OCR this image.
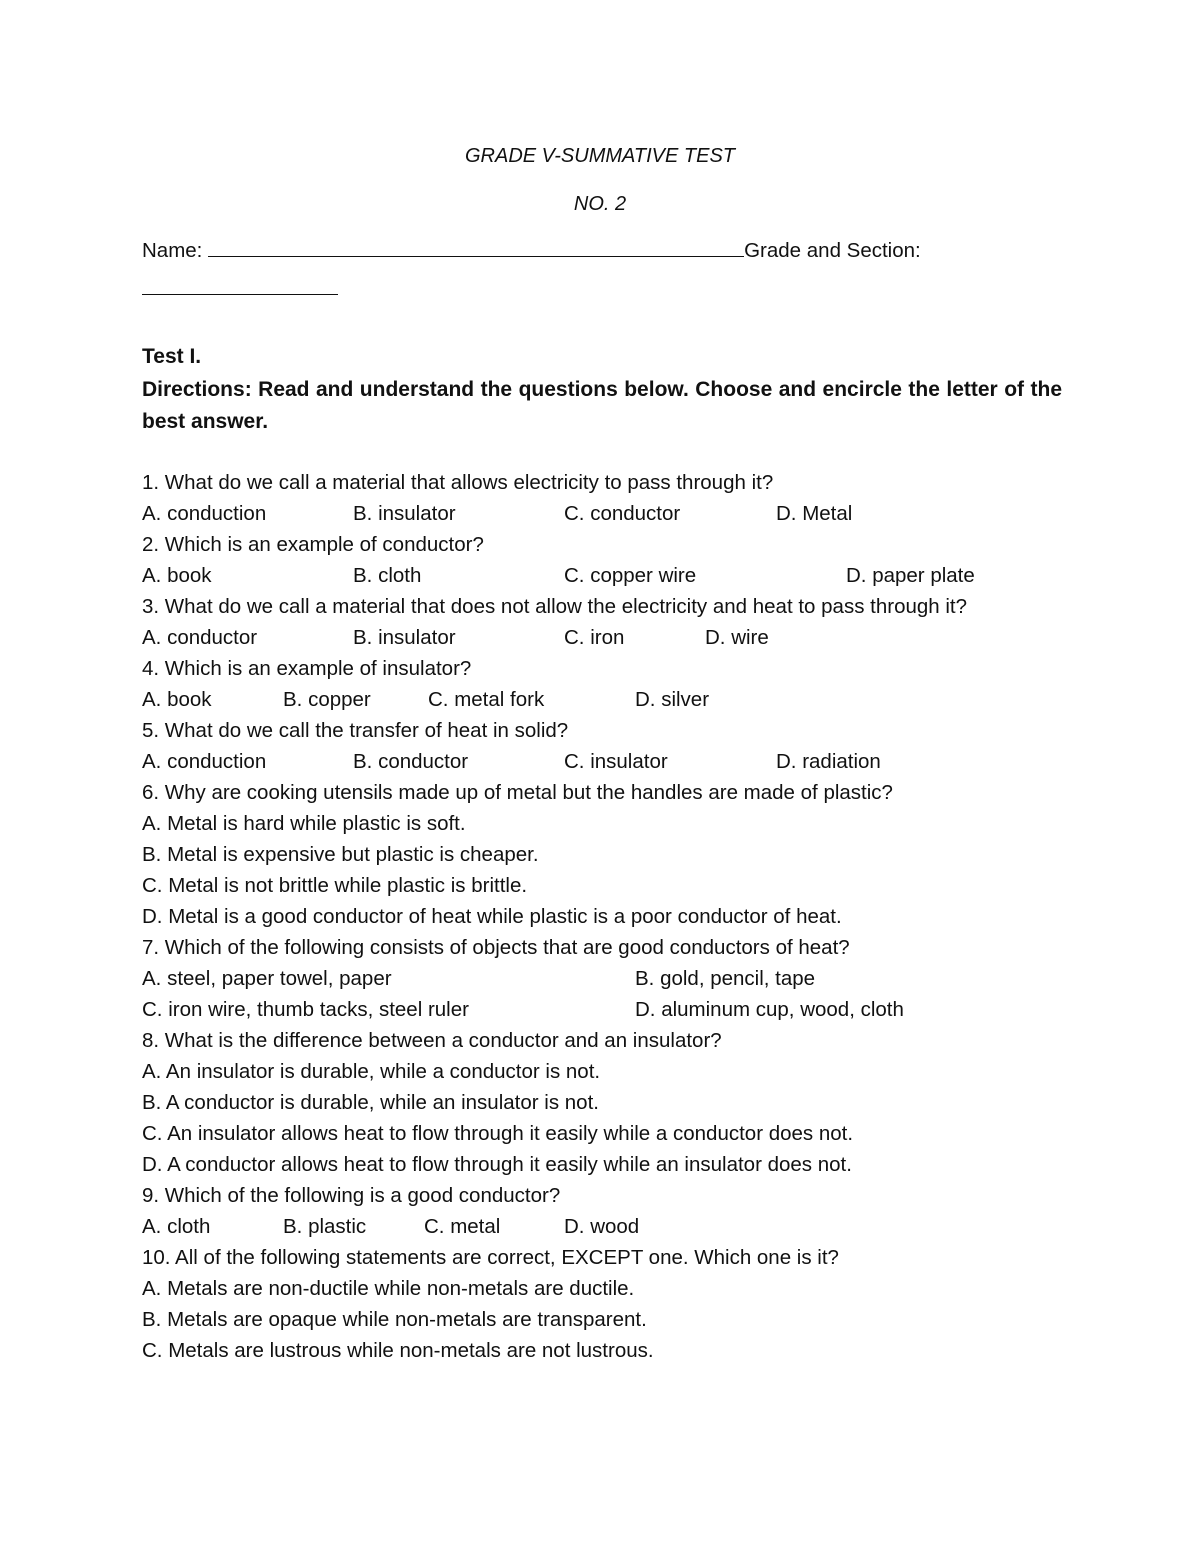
GRADE V-SUMMATIVE TEST
NO. 2
Name:	Grade and Section:
Test I.
Directions: Read and understand the questions below. Choose and encircle the letter of the best answer.
1. What do we call a material that allows electricity to pass through it?
A. conduction	B. insulator	C. conductor	D. Metal
2. Which is an example of conductor?
A. book	B. cloth	C. copper wire	D. paper plate
3. What do we call a material that does not allow the electricity and heat to pass through it?
A. conductor	B. insulator	C. iron	D. wire
4. Which is an example of insulator?
A. book	B. copper	C. metal fork	D. silver
5. What do we call the transfer of heat in solid?
A. conduction	B. conductor	C. insulator	D. radiation
6. Why are cooking utensils made up of metal but the handles are made of plastic?
A. Metal is hard while plastic is soft.
B. Metal is expensive but plastic is cheaper.
C. Metal is not brittle while plastic is brittle.
D. Metal is a good conductor of heat while plastic is a poor conductor of heat.
7. Which of the following consists of objects that are good conductors of heat?
A. steel, paper towel, paper	B. gold, pencil, tape
C. iron wire, thumb tacks, steel ruler	D. aluminum cup, wood, cloth
8. What is the difference between a conductor and an insulator?
A. An insulator is durable, while a conductor is not.
B. A conductor is durable, while an insulator is not.
C. An insulator allows heat to flow through it easily while a conductor does not.
D. A conductor allows heat to flow through it easily while an insulator does not.
9. Which of the following is a good conductor?
A. cloth	B. plastic	C. metal	D. wood
10. All of the following statements are correct, EXCEPT one. Which one is it?
A. Metals are non-ductile while non-metals are ductile.
B. Metals are opaque while non-metals are transparent.
C. Metals are lustrous while non-metals are not lustrous.
